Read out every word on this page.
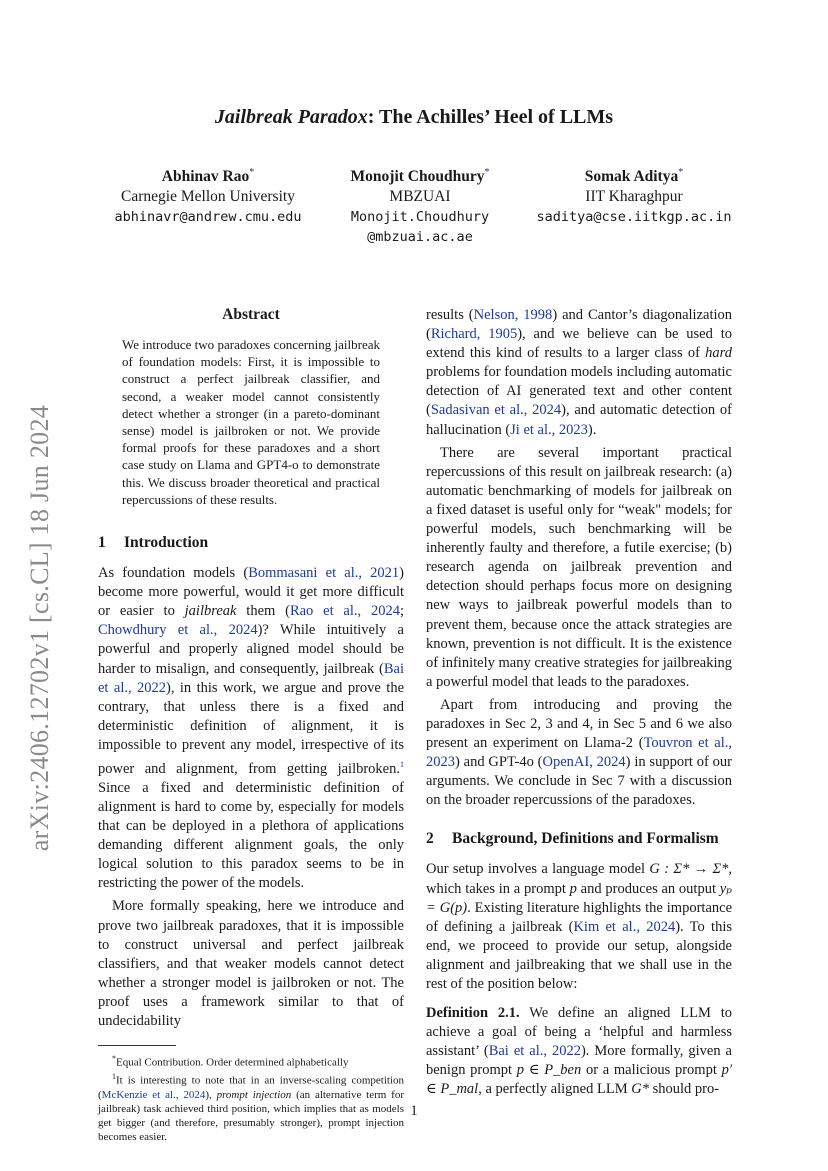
arXiv:2406.12702v1 [cs.CL] 18 Jun 2024
Jailbreak Paradox: The Achilles’ Heel of LLMs
Abhinav Rao*
Carnegie Mellon University
abhinavr@andrew.cmu.edu
Monojit Choudhury*
MBZUAI
Monojit.Choudhury
@mbzuai.ac.ae
Somak Aditya*
IIT Kharaghpur
saditya@cse.iitkgp.ac.in
Abstract

We introduce two paradoxes concerning jailbreak of foundation models: First, it is impossible to construct a perfect jailbreak classifier, and second, a weaker model cannot consistently detect whether a stronger (in a pareto-dominant sense) model is jailbroken or not. We provide formal proofs for these paradoxes and a short case study on Llama and GPT4-o to demonstrate this. We discuss broader theoretical and practical repercussions of these results.

1 Introduction

As foundation models (Bommasani et al., 2021) become more powerful, would it get more difficult or easier to jailbreak them (Rao et al., 2024; Chowdhury et al., 2024)? While intuitively a powerful and properly aligned model should be harder to misalign, and consequently, jailbreak (Bai et al., 2022), in this work, we argue and prove the contrary, that unless there is a fixed and deterministic definition of alignment, it is impossible to prevent any model, irrespective of its power and alignment, from getting jailbroken.$^1$ Since a fixed and deterministic definition of alignment is hard to come by, especially for models that can be deployed in a plethora of applications demanding different alignment goals, the only logical solution to this paradox seems to be in restricting the power of the models.

More formally speaking, here we introduce and prove two jailbreak paradoxes, that it is impossible to construct universal and perfect jailbreak classifiers, and that weaker models cannot detect whether a stronger model is jailbroken or not. The proof uses a framework similar to that of undecidability

*Equal Contribution. Order determined alphabetically

$^1$It is interesting to note that in an inverse-scaling competition (McKenzie et al., 2024), prompt injection (an alternative term for jailbreak) task achieved third position, which implies that as models get bigger (and therefore, presumably stronger), prompt injection becomes easier.

results (Nelson, 1998) and Cantor’s diagonalization (Richard, 1905), and we believe can be used to extend this kind of results to a larger class of hard problems for foundation models including automatic detection of AI generated text and other content (Sadasivan et al., 2024), and automatic detection of hallucination (Ji et al., 2023).

There are several important practical repercussions of this result on jailbreak research: (a) automatic benchmarking of models for jailbreak on a fixed dataset is useful only for “weak" models; for powerful models, such benchmarking will be inherently faulty and therefore, a futile exercise; (b) research agenda on jailbreak prevention and detection should perhaps focus more on designing new ways to jailbreak powerful models than to prevent them, because once the attack strategies are known, prevention is not difficult. It is the existence of infinitely many creative strategies for jailbreaking a powerful model that leads to the paradoxes.

Apart from introducing and proving the paradoxes in Sec 2, 3 and 4, in Sec 5 and 6 we also present an experiment on Llama-2 (Touvron et al., 2023) and GPT-4o (OpenAI, 2024) in support of our arguments. We conclude in Sec 7 with a discussion on the broader repercussions of the paradoxes.

2 Background, Definitions and Formalism

Our setup involves a language model G : Σ* → Σ*, which takes in a prompt p and produces an output yₚ = G(p). Existing literature highlights the importance of defining a jailbreak (Kim et al., 2024). To this end, we proceed to provide our setup, alongside alignment and jailbreaking that we shall use in the rest of the position below:

Definition 2.1. We define an aligned LLM to achieve a goal of being a ‘helpful and harmless assistant’ (Bai et al., 2022). More formally, given a benign prompt p ∈ P_ben or a malicious prompt p′ ∈ P_mal, a perfectly aligned LLM G* should pro-

1
